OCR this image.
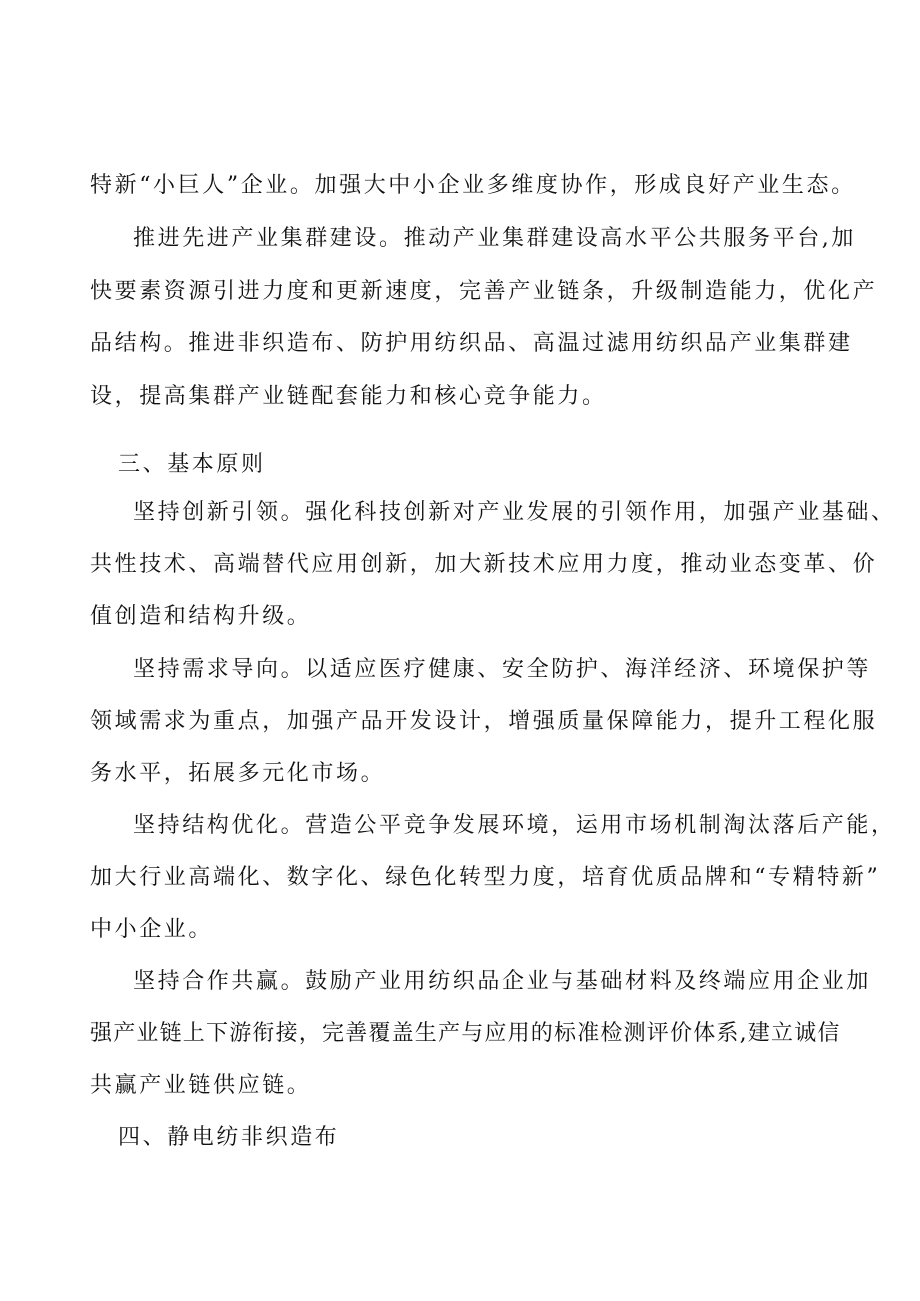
特新“小巨人”企业。加强大中小企业多维度协作，形成良好产业生态。
推进先进产业集群建设。推动产业集群建设高水平公共服务平台,加
快要素资源引进力度和更新速度，完善产业链条，升级制造能力，优化产
品结构。推进非织造布、防护用纺织品、高温过滤用纺织品产业集群建
设，提高集群产业链配套能力和核心竞争能力。
三、基本原则
坚持创新引领。强化科技创新对产业发展的引领作用，加强产业基础、
共性技术、高端替代应用创新，加大新技术应用力度，推动业态变革、价
值创造和结构升级。
坚持需求导向。以适应医疗健康、安全防护、海洋经济、环境保护等
领域需求为重点，加强产品开发设计，增强质量保障能力，提升工程化服
务水平，拓展多元化市场。
坚持结构优化。营造公平竞争发展环境，运用市场机制淘汰落后产能，
加大行业高端化、数字化、绿色化转型力度，培育优质品牌和“专精特新”
中小企业。
坚持合作共赢。鼓励产业用纺织品企业与基础材料及终端应用企业加
强产业链上下游衔接，完善覆盖生产与应用的标准检测评价体系,建立诚信
共赢产业链供应链。
四、静电纺非织造布
